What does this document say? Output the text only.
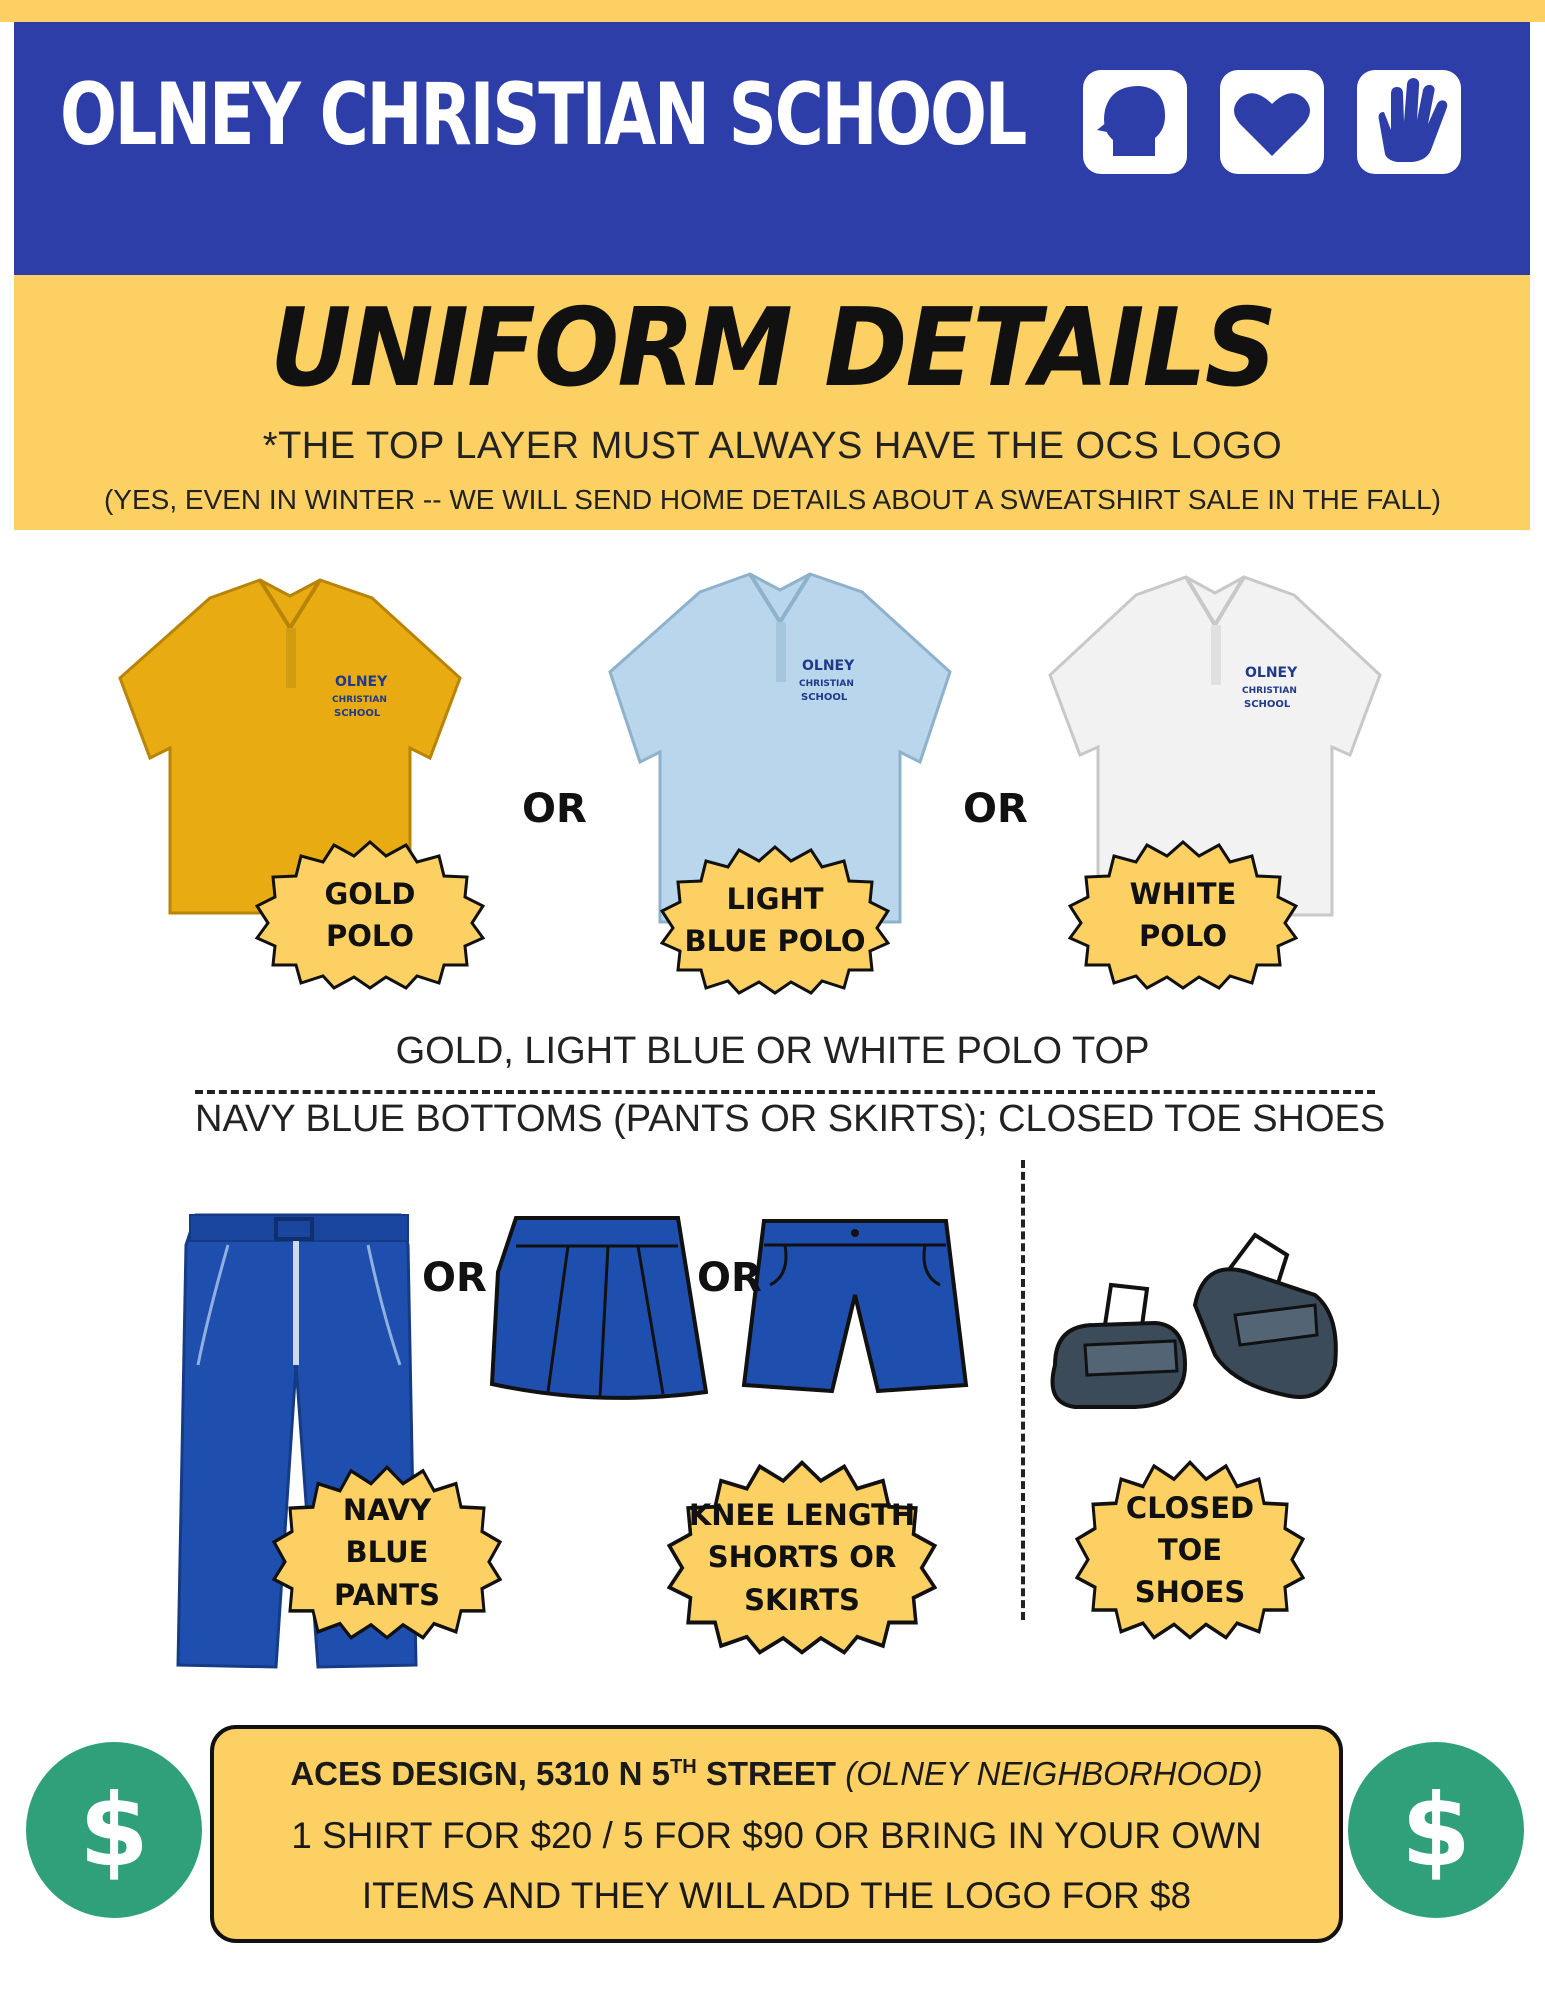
OLNEY CHRISTIAN SCHOOL
UNIFORM DETAILS
*THE TOP LAYER MUST ALWAYS HAVE THE OCS LOGO
(YES, EVEN IN WINTER -- WE WILL SEND HOME DETAILS ABOUT A SWEATSHIRT SALE IN THE FALL)
OLNEY
CHRISTIAN
SCHOOL
OLNEY
CHRISTIAN
SCHOOL
OLNEY
CHRISTIAN
SCHOOL
OR	OR
GOLD
POLO
LIGHT
BLUE POLO
WHITE
POLO
GOLD, LIGHT BLUE OR WHITE POLO TOP
NAVY BLUE BOTTOMS (PANTS OR SKIRTS); CLOSED TOE SHOES
OR	OR
NAVY
BLUE
PANTS
KNEE LENGTH
SHORTS OR
SKIRTS
CLOSED
TOE
SHOES
$	$
ACES DESIGN, 5310 N 5TH STREET (OLNEY NEIGHBORHOOD)
1 SHIRT FOR $20 / 5 FOR $90 OR BRING IN YOUR OWN
ITEMS AND THEY WILL ADD THE LOGO FOR $8
